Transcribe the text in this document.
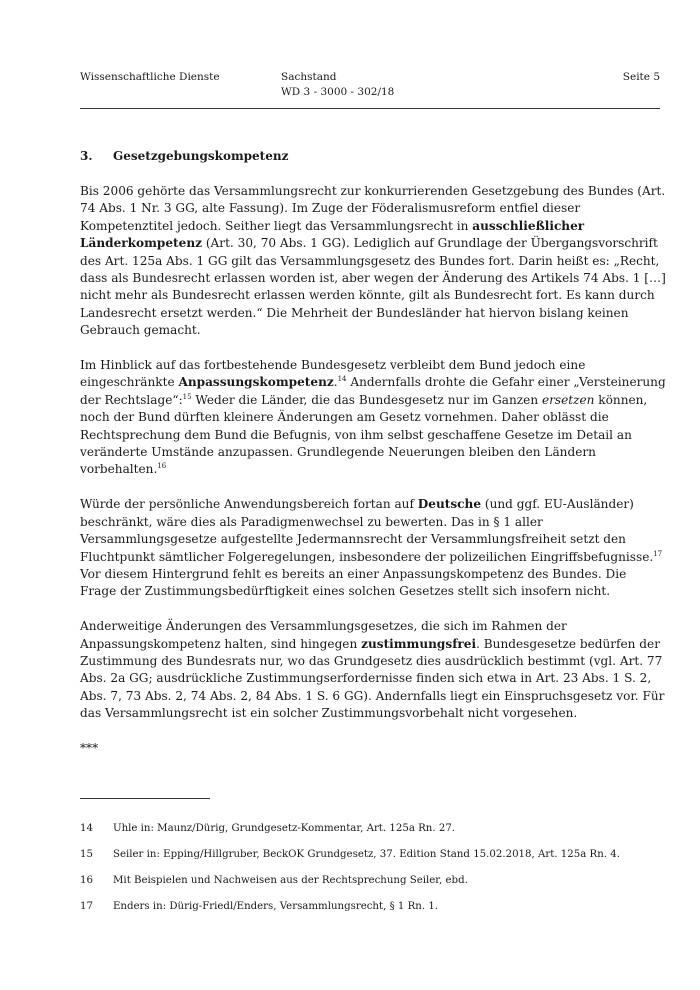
Wissenschaftliche Dienste	Sachstand
WD 3 - 3000 - 302/18
Seite 5
3. Gesetzgebungskompetenz

Bis 2006 gehörte das Versammlungsrecht zur konkurrierenden Gesetzgebung des Bundes (Art. 74 Abs. 1 Nr. 3 GG, alte Fassung). Im Zuge der Föderalismusreform entfiel dieser Kompetenztitel jedoch. Seither liegt das Versammlungsrecht in ausschließlicher Länderkompetenz (Art. 30, 70 Abs. 1 GG). Lediglich auf Grundlage der Übergangsvorschrift des Art. 125a Abs. 1 GG gilt das Versammlungsgesetz des Bundes fort. Darin heißt es: „Recht, dass als Bundesrecht erlassen worden ist, aber wegen der Änderung des Artikels 74 Abs. 1 […] nicht mehr als Bundesrecht erlassen werden könnte, gilt als Bundesrecht fort. Es kann durch Landesrecht ersetzt werden.“ Die Mehrheit der Bundesländer hat hiervon bislang keinen Gebrauch gemacht.

Im Hinblick auf das fortbestehende Bundesgesetz verbleibt dem Bund jedoch eine eingeschränkte Anpassungskompetenz.$^{14}$ Andernfalls drohte die Gefahr einer „Versteinerung der Rechtslage“:$^{15}$ Weder die Länder, die das Bundesgesetz nur im Ganzen ersetzen können, noch der Bund dürften kleinere Änderungen am Gesetz vornehmen. Daher oblässt die Rechtsprechung dem Bund die Befugnis, von ihm selbst geschaffene Gesetze im Detail an veränderte Umstände anzupassen. Grundlegende Neuerungen bleiben den Ländern vorbehalten.$^{16}$

Würde der persönliche Anwendungsbereich fortan auf Deutsche (und ggf. EU-Ausländer) beschränkt, wäre dies als Paradigmenwechsel zu bewerten. Das in § 1 aller Versammlungsgesetze aufgestellte Jedermannsrecht der Versammlungsfreiheit setzt den Fluchtpunkt sämtlicher Folgeregelungen, insbesondere der polizeilichen Eingriffsbefugnisse.$^{17}$ Vor diesem Hintergrund fehlt es bereits an einer Anpassungskompetenz des Bundes. Die Frage der Zustimmungsbedürftigkeit eines solchen Gesetzes stellt sich insofern nicht.

Anderweitige Änderungen des Versammlungsgesetzes, die sich im Rahmen der Anpassungskompetenz halten, sind hingegen zustimmungsfrei. Bundesgesetze bedürfen der Zustimmung des Bundesrats nur, wo das Grundgesetz dies ausdrücklich bestimmt (vgl. Art. 77 Abs. 2a GG; ausdrückliche Zustimmungserfordernisse finden sich etwa in Art. 23 Abs. 1 S. 2, Abs. 7, 73 Abs. 2, 74 Abs. 2, 84 Abs. 1 S. 6 GG). Andernfalls liegt ein Einspruchsgesetz vor. Für das Versammlungsrecht ist ein solcher Zustimmungsvorbehalt nicht vorgesehen.

***

14	Uhle in: Maunz/Dürig, Grundgesetz-Kommentar, Art. 125a Rn. 27.
15	Seiler in: Epping/Hillgruber, BeckOK Grundgesetz, 37. Edition Stand 15.02.2018, Art. 125a Rn. 4.
16	Mit Beispielen und Nachweisen aus der Rechtsprechung Seiler, ebd.
17	Enders in: Dürig-Friedl/Enders, Versammlungsrecht, § 1 Rn. 1.
